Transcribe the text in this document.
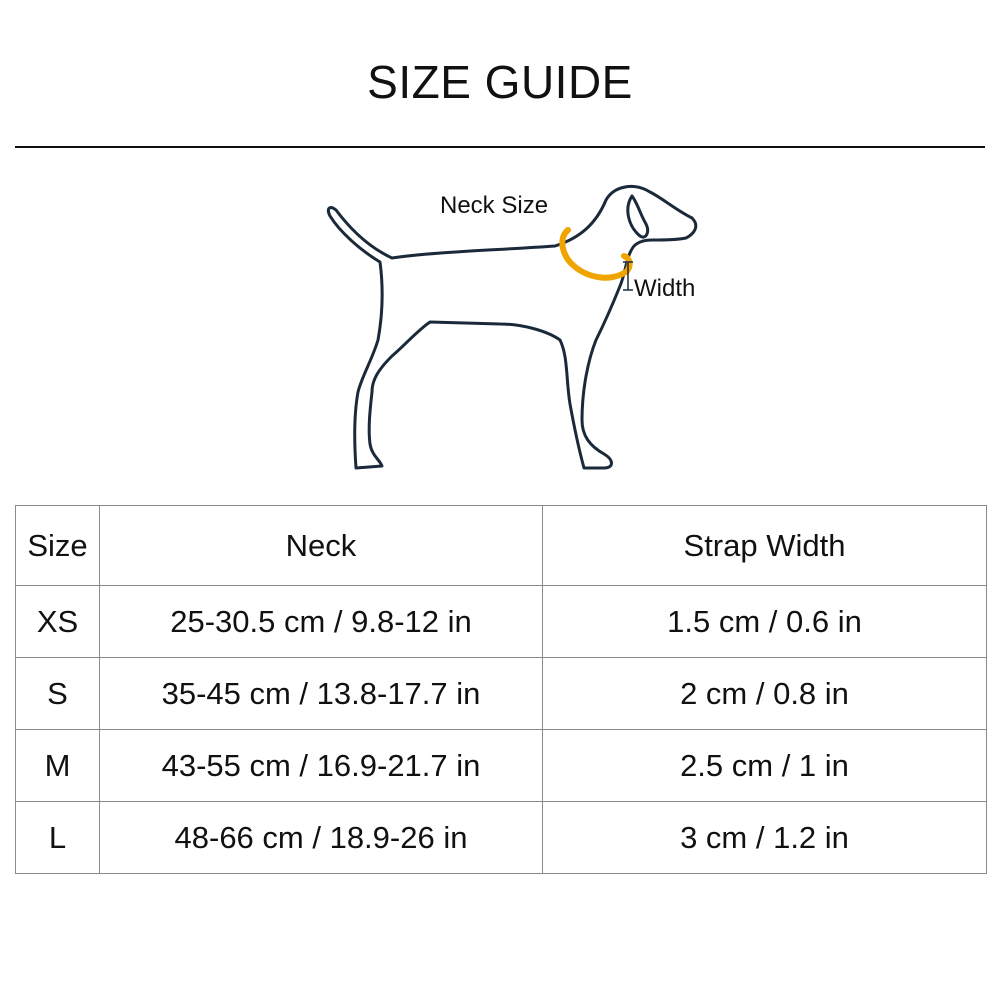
SIZE GUIDE
Neck Size
Width
Size	Neck	Strap Width
XS	25-30.5 cm / 9.8-12 in	1.5 cm / 0.6 in
S	35-45 cm / 13.8-17.7 in	2 cm / 0.8 in
M	43-55 cm / 16.9-21.7 in	2.5 cm / 1 in
L	48-66 cm / 18.9-26 in	3 cm / 1.2 in
